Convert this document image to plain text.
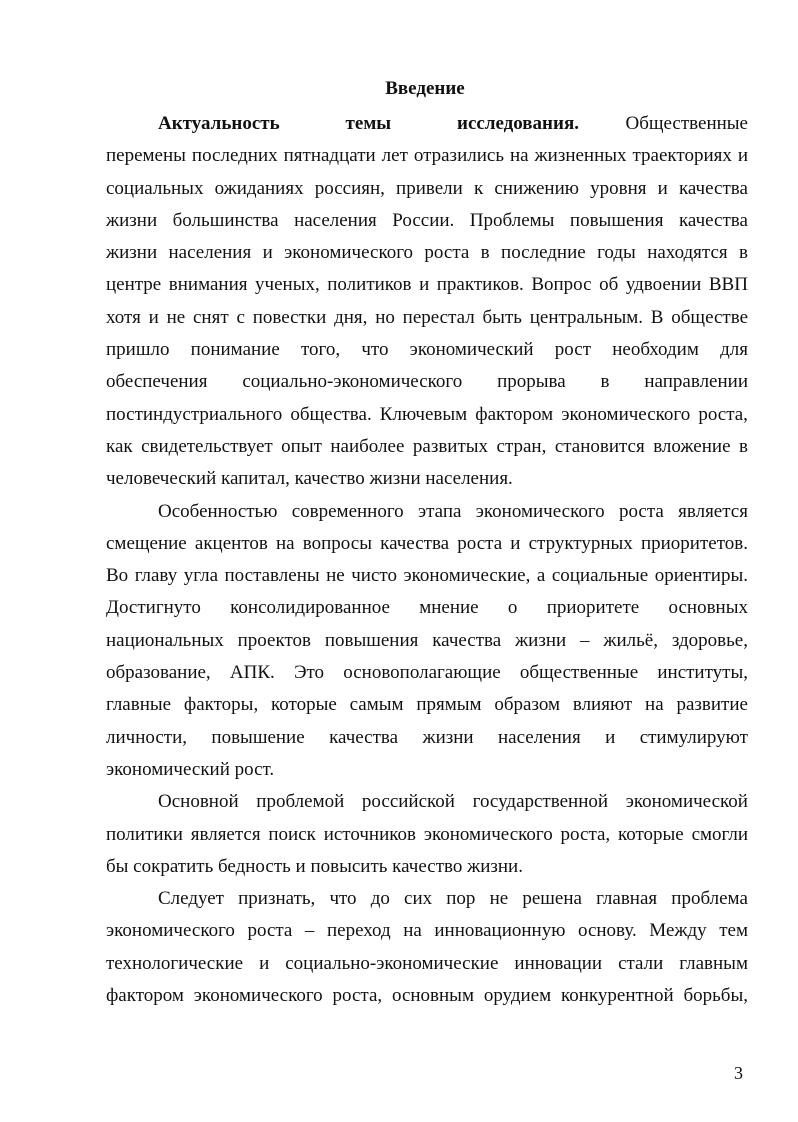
Введение
Актуальность	темы	исследования. Общественные
перемены последних пятнадцати лет отразились на жизненных траекториях и
социальных ожиданиях россиян, привели к снижению уровня и качества
жизни большинства населения России. Проблемы повышения качества
жизни населения и экономического роста в последние годы находятся в
центре внимания ученых, политиков и практиков. Вопрос об удвоении ВВП
хотя и не снят с повестки дня, но перестал быть центральным. В обществе
пришло понимание того, что экономический рост необходим для
обеспечения социально-экономического прорыва в направлении
постиндустриального общества. Ключевым фактором экономического роста,
как свидетельствует опыт наиболее развитых стран, становится вложение в
человеческий капитал, качество жизни населения.
Особенностью современного этапа экономического роста является
смещение акцентов на вопросы качества роста и структурных приоритетов.
Во главу угла поставлены не чисто экономические, а социальные ориентиры.
Достигнуто консолидированное мнение о приоритете основных
национальных проектов повышения качества жизни – жильё, здоровье,
образование, АПК. Это основополагающие общественные институты,
главные факторы, которые самым прямым образом влияют на развитие
личности, повышение качества жизни населения и стимулируют
экономический рост.
Основной проблемой российской государственной экономической
политики является поиск источников экономического роста, которые смогли
бы сократить бедность и повысить качество жизни.
Следует признать, что до сих пор не решена главная проблема
экономического роста – переход на инновационную основу. Между тем
технологические и социально-экономические инновации стали главным
фактором экономического роста, основным орудием конкурентной борьбы,
3
